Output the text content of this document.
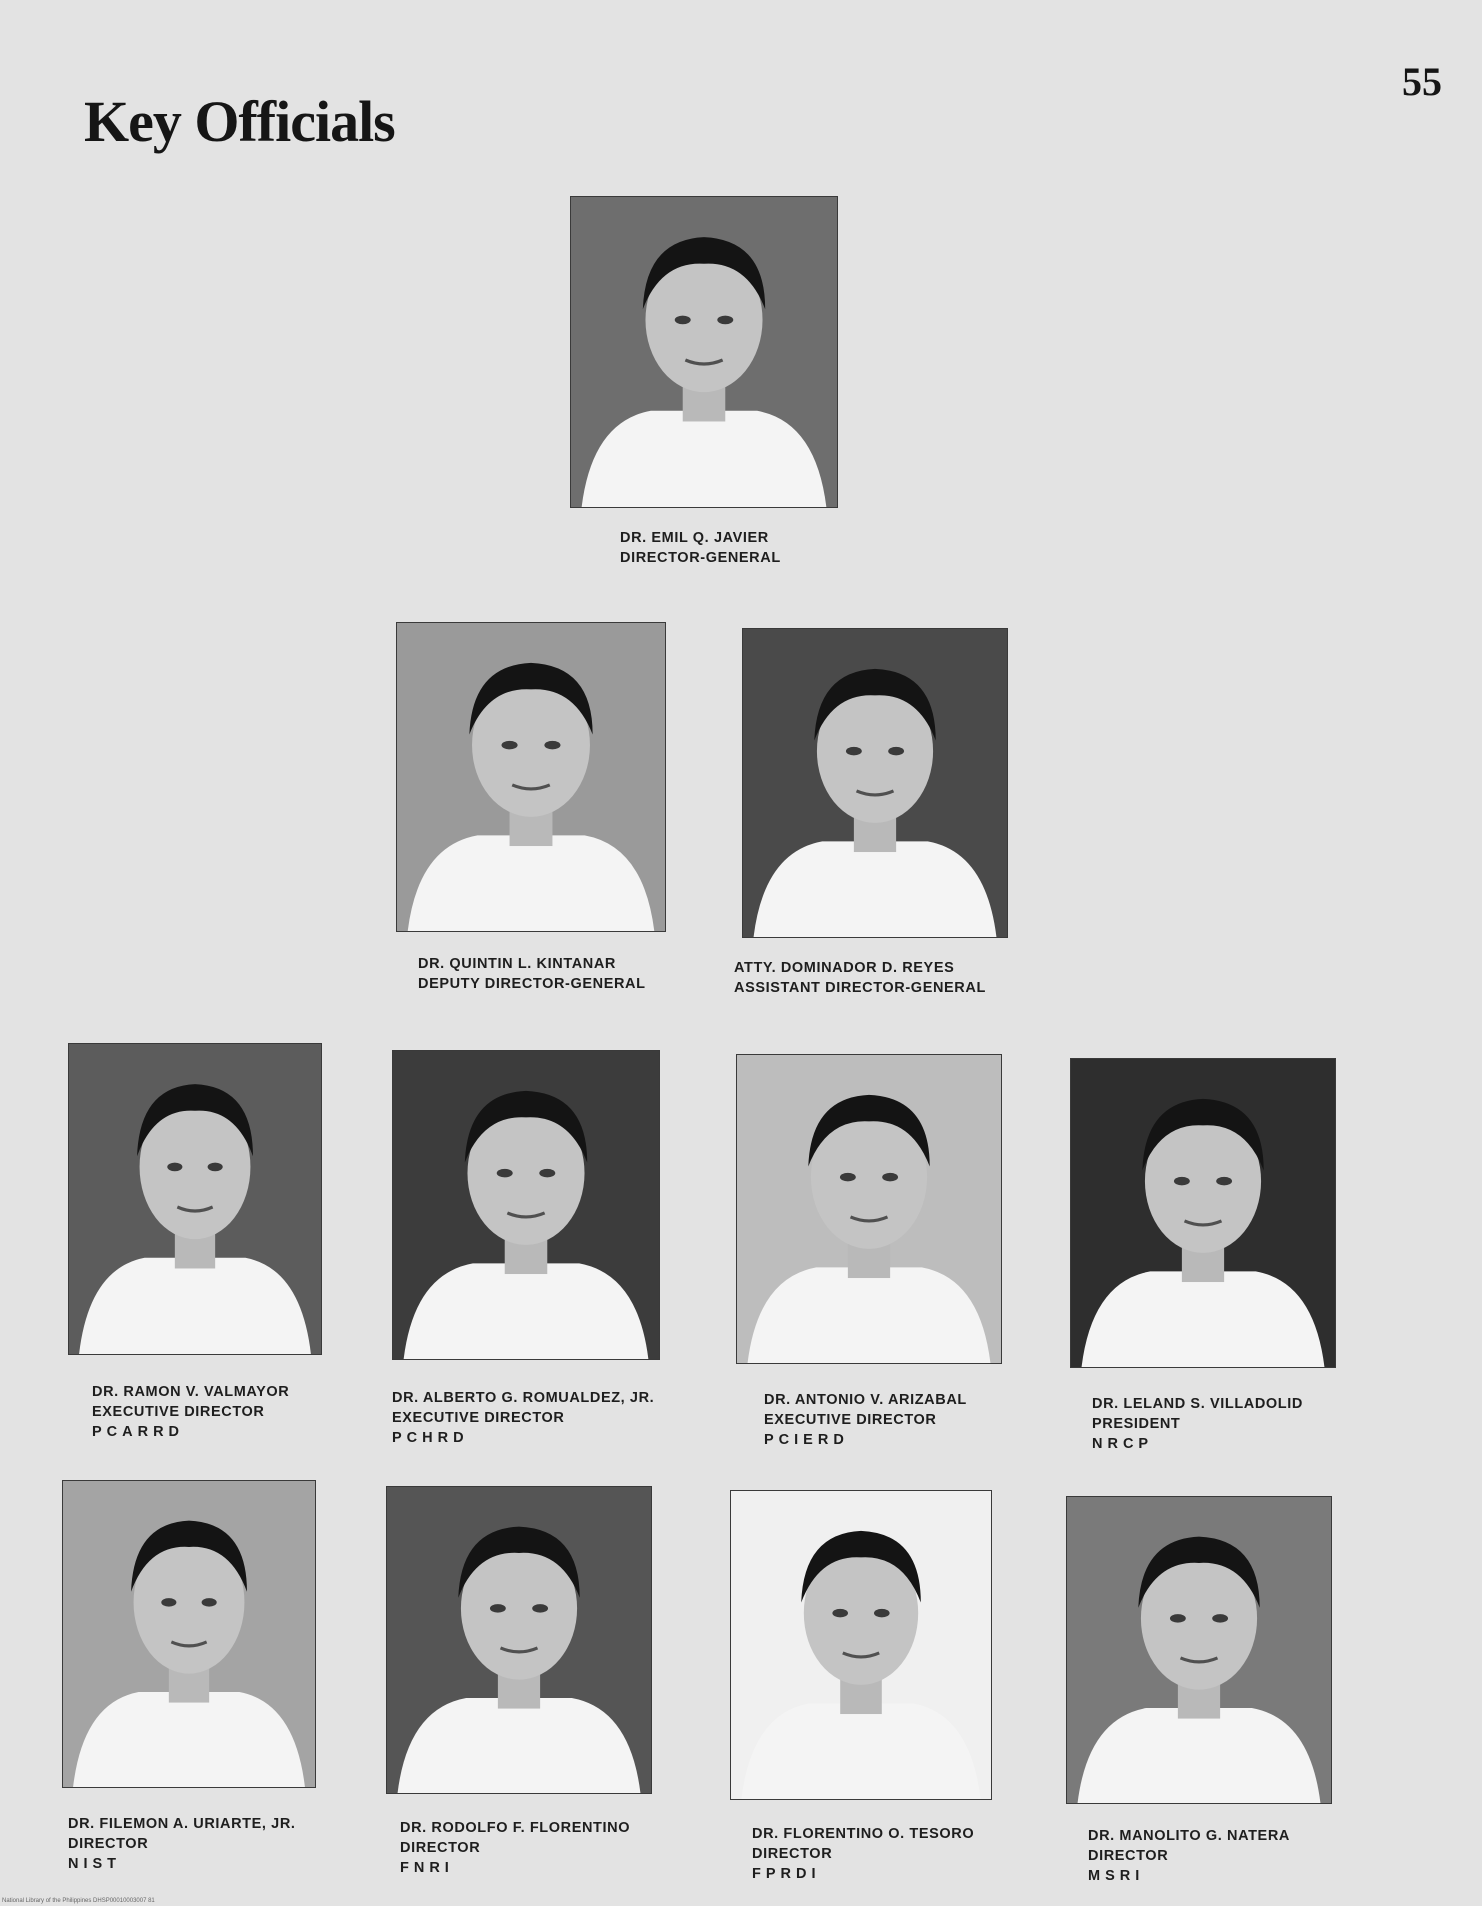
Key Officials
55
DR. EMIL Q. JAVIER
DIRECTOR-GENERAL
DR. QUINTIN L. KINTANAR
DEPUTY DIRECTOR-GENERAL
ATTY. DOMINADOR D. REYES
ASSISTANT DIRECTOR-GENERAL
DR. RAMON V. VALMAYOR
EXECUTIVE DIRECTOR
PCARRD
DR. ALBERTO G. ROMUALDEZ, JR.
EXECUTIVE DIRECTOR
PCHRD
DR. ANTONIO V. ARIZABAL
EXECUTIVE DIRECTOR
PCIERD
DR. LELAND S. VILLADOLID
PRESIDENT
NRCP
DR. FILEMON A. URIARTE, JR.
DIRECTOR
NIST
DR. RODOLFO F. FLORENTINO
DIRECTOR
FNRI
DR. FLORENTINO O. TESORO
DIRECTOR
FPRDI
DR. MANOLITO G. NATERA
DIRECTOR
MSRI
National Library of the Philippines DHSP00010003007 81
